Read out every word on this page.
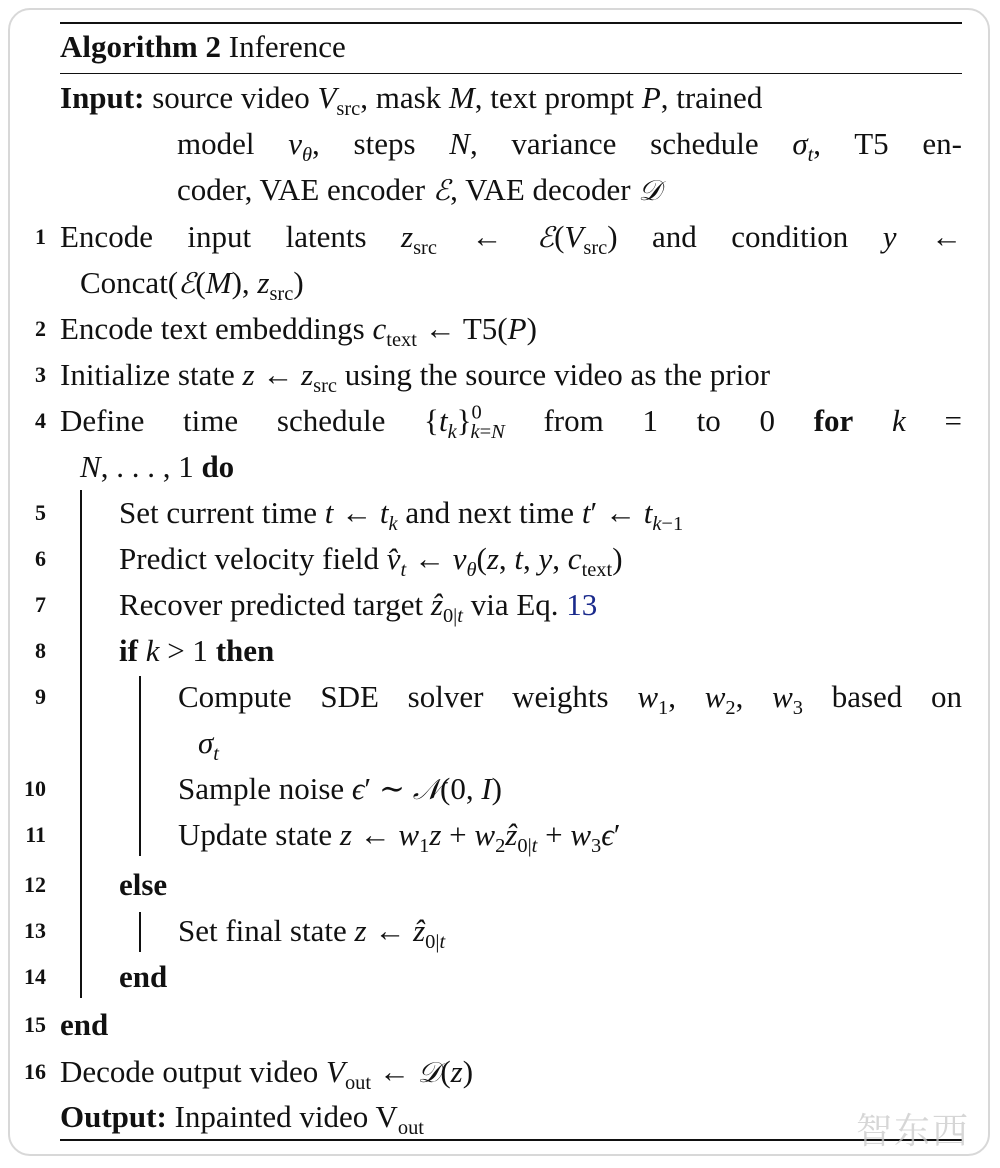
Algorithm 2 Inference
Input: source video $V_{src}$, mask M, text prompt P, trained
model $v_\theta$, steps N, variance schedule $\sigma_t$, T5 en-
coder, VAE encoder ℰ, VAE decoder 𝒟
1 Encode input latents $z_{src}$ ← $ℰ(V_{src})$ and condition y ←
Concat(ℰ(M), $z_{src}$)
2 Encode text embeddings $c_{text}$ ← T5(P)
3 Initialize state z ← $z_{src}$ using the source video as the prior
4 Define time schedule $\{t_k\}^0_{k=N}$ from 1 to 0 for k =
N, . . . , 1 do
5 Set current time t ← $t_k$ and next time t′ ← $t_{k-1}$
6 Predict velocity field $v̂_t$ ← $v_\theta(z$, t, y, $c_{text}$)
7 Recover predicted target ẑ$_{0|t}$ via Eq. 13
8 if k > 1 then
9	Compute SDE solver weights $w_1$, $w_2$, $w_3$ based on
$\sigma_t$
10	Sample noise ϵ′ ∼ 𝒩(0, I)
11	Update state z ← $w_1z$ + $w_2ẑ_{0|t} + w_3\epsilon'$
12 else
13	Set final state z ← ẑ$_{0|t}$
14 end
15 end
16 Decode output video $V_{out}$ ← 𝒟(z)
Output: Inpainted video $V_{out}$	智东西
